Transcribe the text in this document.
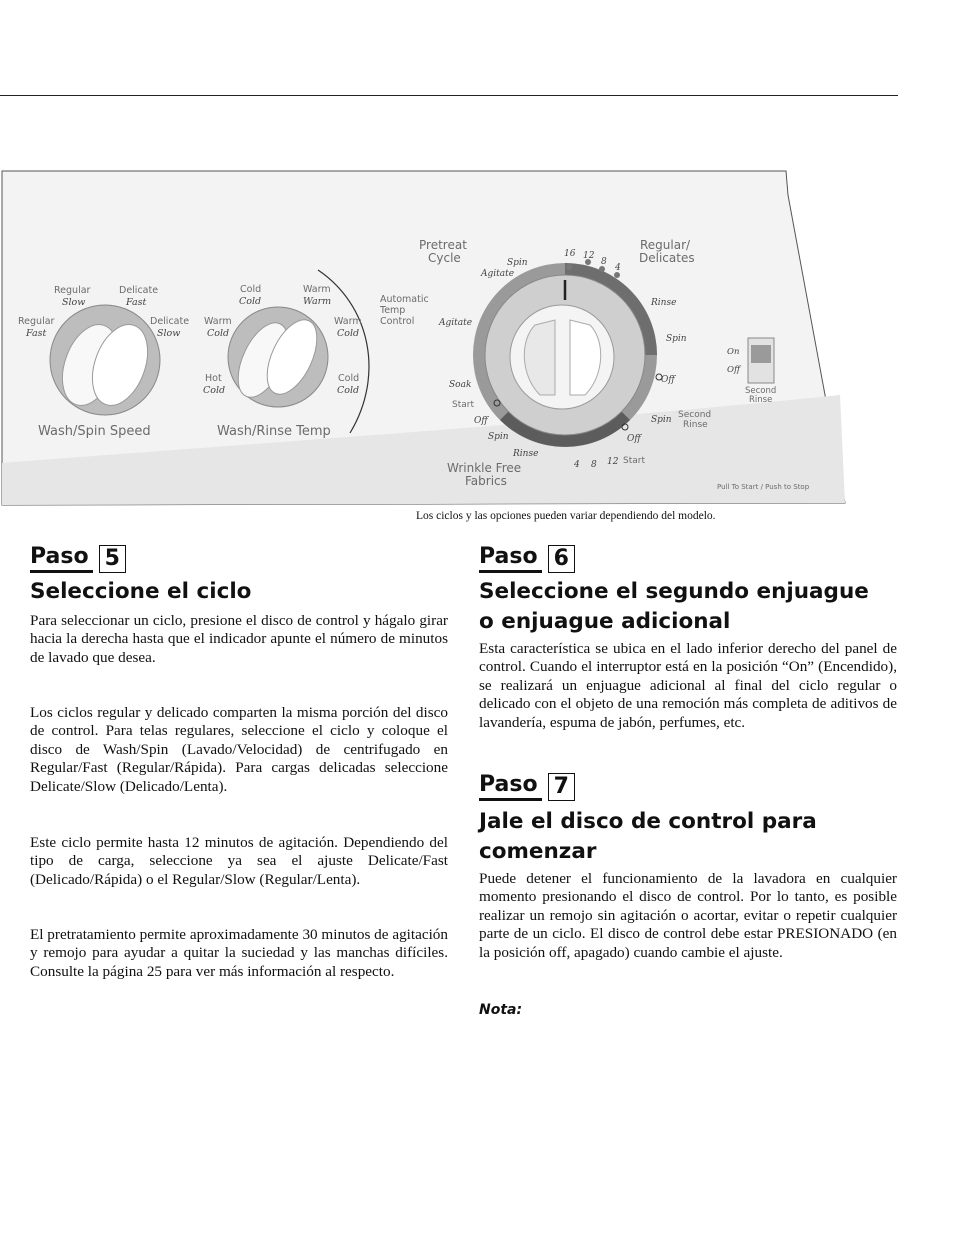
Regular
Fast
Regular
Slow
Delicate
Fast
Delicate
Slow
Wash/Spin Speed
Hot
Cold
Warm
Cold
Cold
Cold
Warm
Warm
Warm
Cold
Cold
Cold
Automatic
Temp
Control
Wash/Rinse Temp
16 12
8
4
Spin
Agitate
Agitate
Soak
Start
Off
Spin
Rinse
4 8 12 Start
Off
Spin
Off
Spin
Rinse
Second
Rinse
Pretreat
Cycle
Regular/
Delicates
Wrinkle Free
Fabrics
On
Off
Second
Rinse
Pull To Start / Push to Stop
Los ciclos y las opciones pueden variar dependiendo del modelo.
Paso 5
Seleccione el ciclo

Para seleccionar un ciclo, presione el disco de control y hágalo girar hacia la derecha hasta que el indicador apunte el número de minutos de lavado que desea.

Los ciclos regular y delicado comparten la misma porción del disco de control. Para telas regulares, seleccione el ciclo y coloque el disco de Wash/Spin (Lavado/Velocidad) de centrifugado en Regular/Fast (Regular/Rápida). Para cargas delicadas seleccione Delicate/Slow (Delicado/Lenta).

Este ciclo permite hasta 12 minutos de agitación. Dependiendo del tipo de carga, seleccione ya sea el ajuste Delicate/Fast (Delicado/Rápida) o el Regular/Slow (Regular/Lenta).

El pretratamiento permite aproximadamente 30 minutos de agitación y remojo para ayudar a quitar la suciedad y las manchas difíciles. Consulte la página 25 para ver más información al respecto.

Paso 6
Seleccione el segundo enjuague
o enjuague adicional

Esta característica se ubica en el lado inferior derecho del panel de control. Cuando el interruptor está en la posición “On” (Encendido), se realizará un enjuague adicional al final del ciclo regular o delicado con el objeto de una remoción más completa de aditivos de lavandería, espuma de jabón, perfumes, etc.

Paso 7
Jale el disco de control para
comenzar

Puede detener el funcionamiento de la lavadora en cualquier momento presionando el disco de control. Por lo tanto, es posible realizar un remojo sin agitación o acortar, evitar o repetir cualquier parte de un ciclo. El disco de control debe estar PRESIONADO (en la posición off, apagado) cuando cambie el ajuste.

Nota:
